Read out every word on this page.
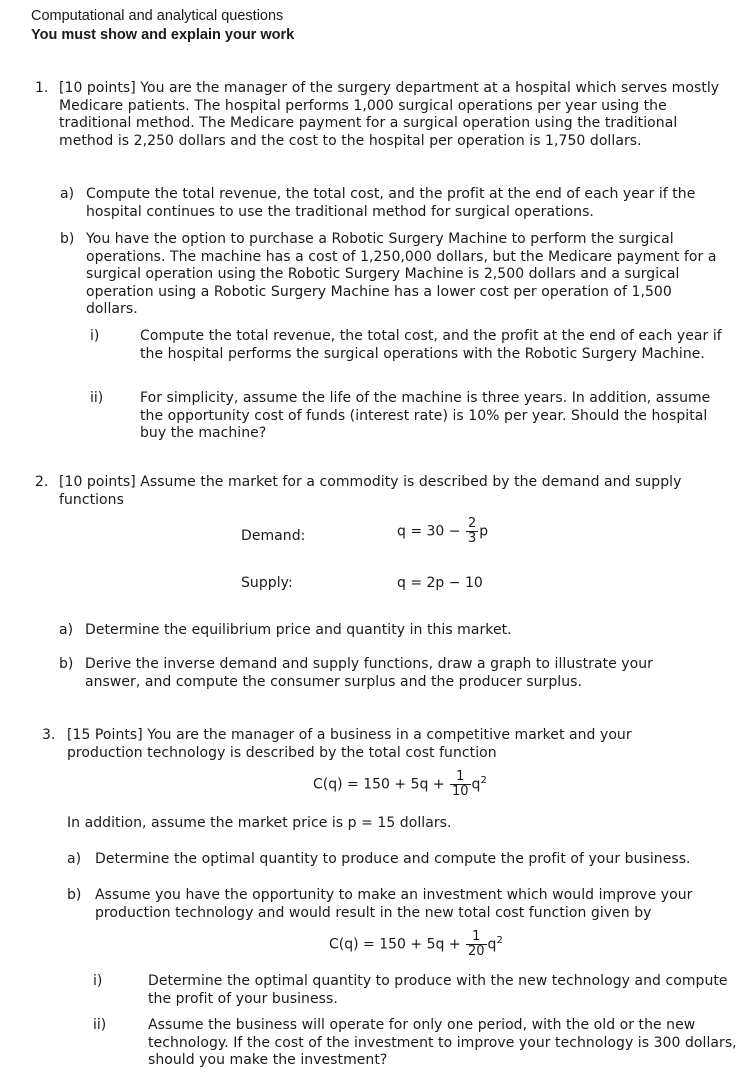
Computational and analytical questions
You must show and explain your work
1. [10 points] You are the manager of the surgery department at a hospital which serves mostly Medicare patients. The hospital performs 1,000 surgical operations per year using the traditional method. The Medicare payment for a surgical operation using the traditional method is 2,250 dollars and the cost to the hospital per operation is 1,750 dollars.
a) Compute the total revenue, the total cost, and the profit at the end of each year if the hospital continues to use the traditional method for surgical operations.
b) You have the option to purchase a Robotic Surgery Machine to perform the surgical operations. The machine has a cost of 1,250,000 dollars, but the Medicare payment for a surgical operation using the Robotic Surgery Machine is 2,500 dollars and a surgical operation using a Robotic Surgery Machine has a lower cost per operation of 1,500 dollars.
i)	Compute the total revenue, the total cost, and the profit at the end of each year if the hospital performs the surgical operations with the Robotic Surgery Machine.
ii)	For simplicity, assume the life of the machine is three years. In addition, assume the opportunity cost of funds (interest rate) is 10% per year. Should the hospital buy the machine?
2. [10 points] Assume the market for a commodity is described by the demand and supply functions
Demand:	$q = 30 - \frac{2}{3}$ p
Supply:	q = 2p − 10
a) Determine the equilibrium price and quantity in this market.
b) Derive the inverse demand and supply functions, draw a graph to illustrate your answer, and compute the consumer surplus and the producer surplus.
3. [15 Points] You are the manager of a business in a competitive market and your production technology is described by the total cost function
$C(q) = 150 + 5q + \frac{1}{10} q^2$
In addition, assume the market price is p = 15 dollars.
a) Determine the optimal quantity to produce and compute the profit of your business.
b) Assume you have the opportunity to make an investment which would improve your production technology and would result in the new total cost function given by
$C(q) = 150 + 5q + \frac{1}{20} q^2$
i)	Determine the optimal quantity to produce with the new technology and compute the profit of your business.
ii)	Assume the business will operate for only one period, with the old or the new technology. If the cost of the investment to improve your technology is 300 dollars, should you make the investment?
